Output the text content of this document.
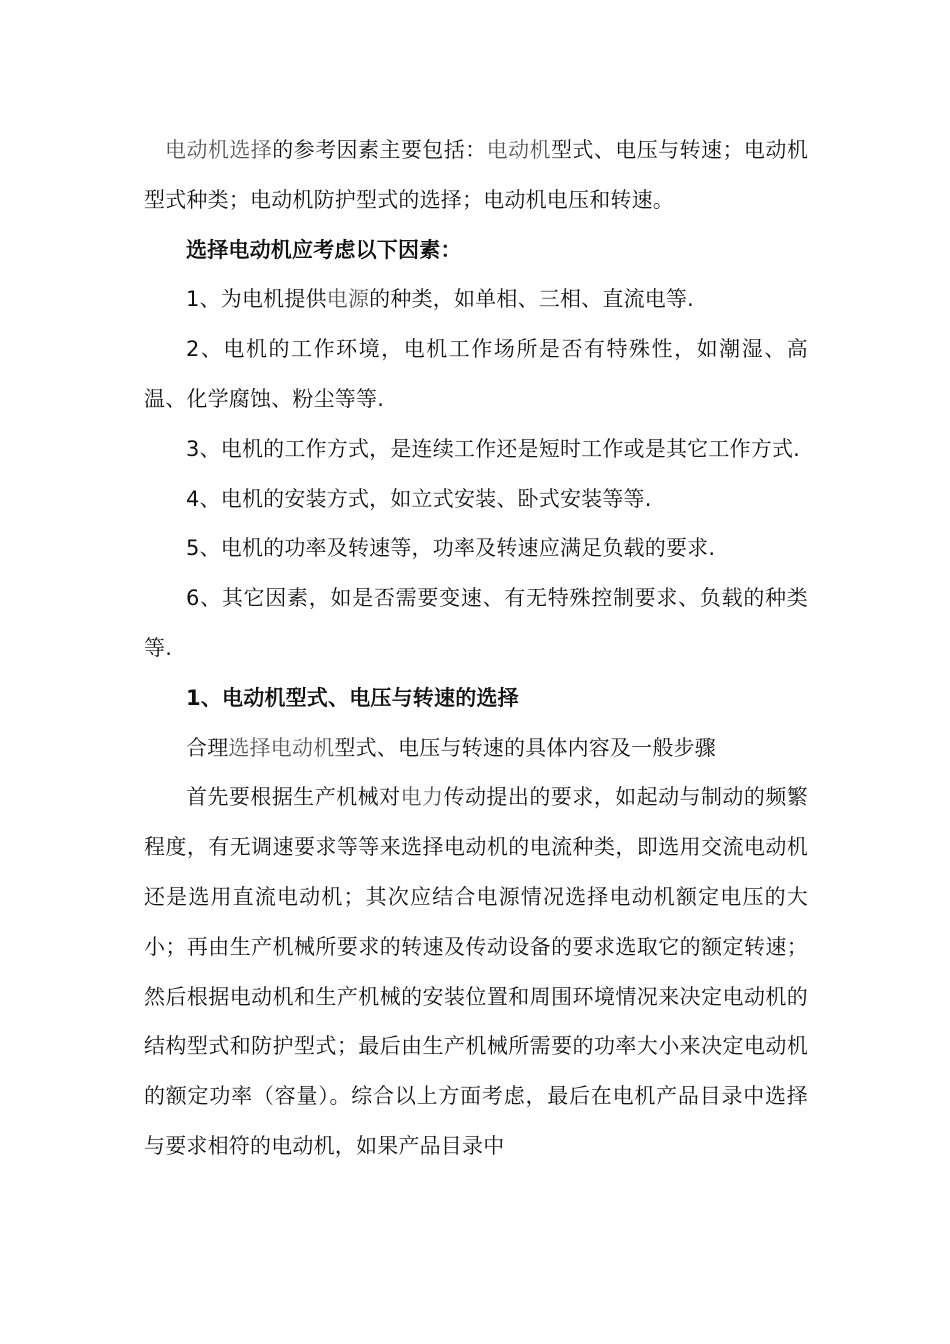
电动机选择的参考因素主要包括：电动机型式、电压与转速；电动机型式种类；电动机防护型式的选择；电动机电压和转速。

选择电动机应考虑以下因素：

1、为电机提供电源的种类，如单相、三相、直流电等.

2、电机的工作环境，电机工作场所是否有特殊性，如潮湿、高温、化学腐蚀、粉尘等等.

3、电机的工作方式，是连续工作还是短时工作或是其它工作方式.

4、电机的安装方式，如立式安装、卧式安装等等.

5、电机的功率及转速等，功率及转速应满足负载的要求.

6、其它因素，如是否需要变速、有无特殊控制要求、负载的种类等.

1、电动机型式、电压与转速的选择

合理选择电动机型式、电压与转速的具体内容及一般步骤

首先要根据生产机械对电力传动提出的要求，如起动与制动的频繁程度，有无调速要求等等来选择电动机的电流种类，即选用交流电动机还是选用直流电动机；其次应结合电源情况选择电动机额定电压的大小；再由生产机械所要求的转速及传动设备的要求选取它的额定转速；然后根据电动机和生产机械的安装位置和周围环境情况来决定电动机的结构型式和防护型式；最后由生产机械所需要的功率大小来决定电动机的额定功率（容量）。综合以上方面考虑，最后在电机产品目录中选择与要求相符的电动机，如果产品目录中
